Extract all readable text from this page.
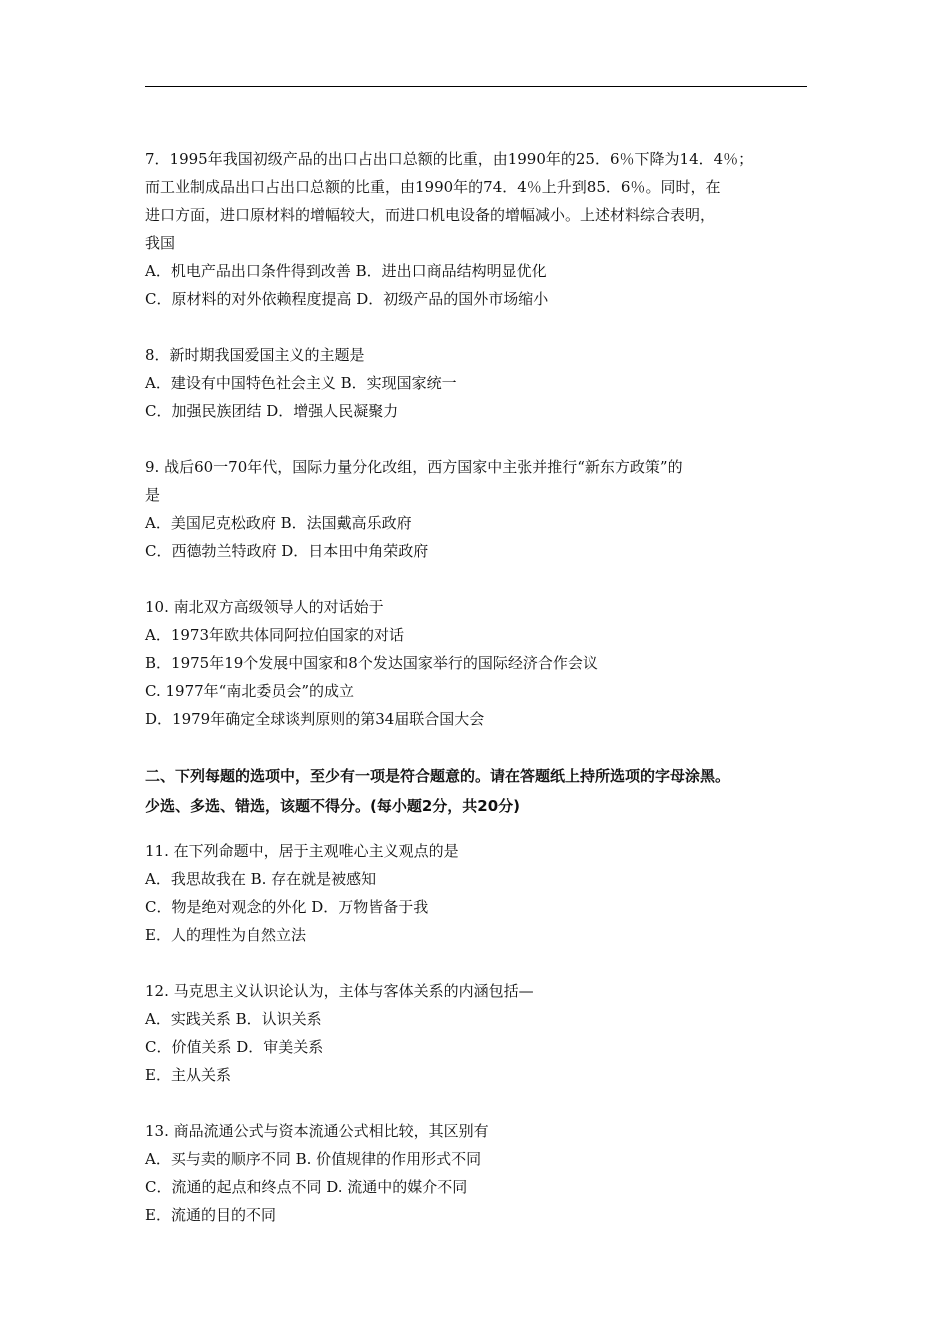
7．1995年我国初级产品的出口占出口总额的比重，由1990年的25．6％下降为14．4％；
而工业制成品出口占出口总额的比重，由1990年的74．4％上升到85．6％。同时，在
进口方面，进口原材料的增幅较大，而进口机电设备的增幅减小。上述材料综合表明，
我国
A．机电产品出口条件得到改善 B．进出口商品结构明显优化
C．原材料的对外依赖程度提高 D．初级产品的国外市场缩小
8．新时期我国爱国主义的主题是
A．建设有中国特色社会主义 B．实现国家统一
C．加强民族团结 D．增强人民凝聚力
9. 战后60一70年代，国际力量分化改组，西方国家中主张并推行“新东方政策”的
是
A．美国尼克松政府 B．法国戴高乐政府
C．西德勃兰特政府 D．日本田中角荣政府
10. 南北双方高级领导人的对话始于
A．1973年欧共体同阿拉伯国家的对话
B．1975年19个发展中国家和8个发达国家举行的国际经济合作会议
C. 1977年“南北委员会”的成立
D．1979年确定全球谈判原则的第34届联合国大会
二、下列每题的选项中，至少有一项是符合题意的。请在答题纸上持所选项的字母涂黑。
少选、多选、错选，该题不得分。(每小题2分，共20分)
11. 在下列命题中，居于主观唯心主义观点的是
A．我思故我在 B. 存在就是被感知
C．物是绝对观念的外化 D．万物皆备于我
E．人的理性为自然立法
12. 马克思主义认识论认为，主体与客体关系的内涵包括—
A．实践关系 B．认识关系
C．价值关系 D．审美关系
E．主从关系
13. 商品流通公式与资本流通公式相比较，其区别有
A．买与卖的顺序不同 B. 价值规律的作用形式不同
C．流通的起点和终点不同 D. 流通中的媒介不同
E．流通的目的不同
